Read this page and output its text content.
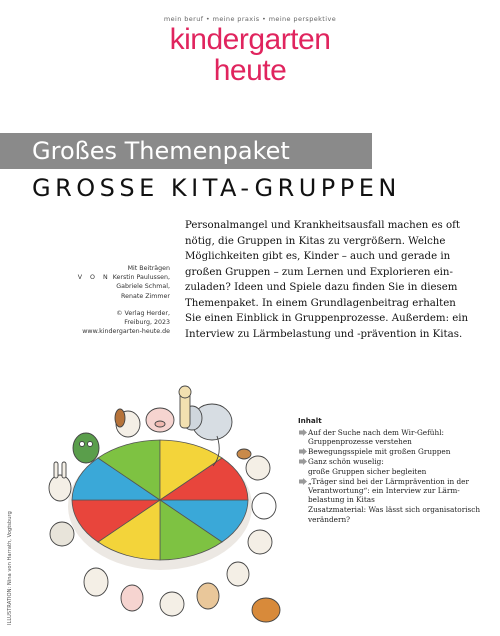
mein beruf • meine praxis • meine perspektive
kindergarten
heute
Großes Themenpaket
GROSSE KITA-GRUPPEN
Mit Beiträgen
V O N Kerstin Paulussen,
Gabriele Schmal,
Renate Zimmer
© Verlag Herder,
Freiburg, 2023
www.kindergarten-heute.de
Personalmangel und Krankheitsausfall machen es oft
nötig, die Gruppen in Kitas zu vergrößern. Welche
Möglichkeiten gibt es, Kinder – auch und gerade in
großen Gruppen – zum Lernen und Explorieren ein-
zuladen? Ideen und Spiele dazu finden Sie in diesem
Themenpaket. In einem Grundlagenbeitrag erhalten
Sie einen Einblick in Gruppenprozesse. Außerdem: ein
Interview zu Lärmbelastung und -prävention in Kitas.
ILLUSTRATION: Nina von Harrath, Vogtsburg
Inhalt
Auf der Suche nach dem Wir-Gefühl:
Gruppenprozesse verstehen
Bewegungsspiele mit großen Gruppen
Ganz schön wuselig:
große Gruppen sicher begleiten
„Träger sind bei der Lärmprävention in der
Verantwortung“: ein Interview zur Lärm-
belastung in Kitas
Zusatzmaterial: Was lässt sich organisatorisch
verändern?
